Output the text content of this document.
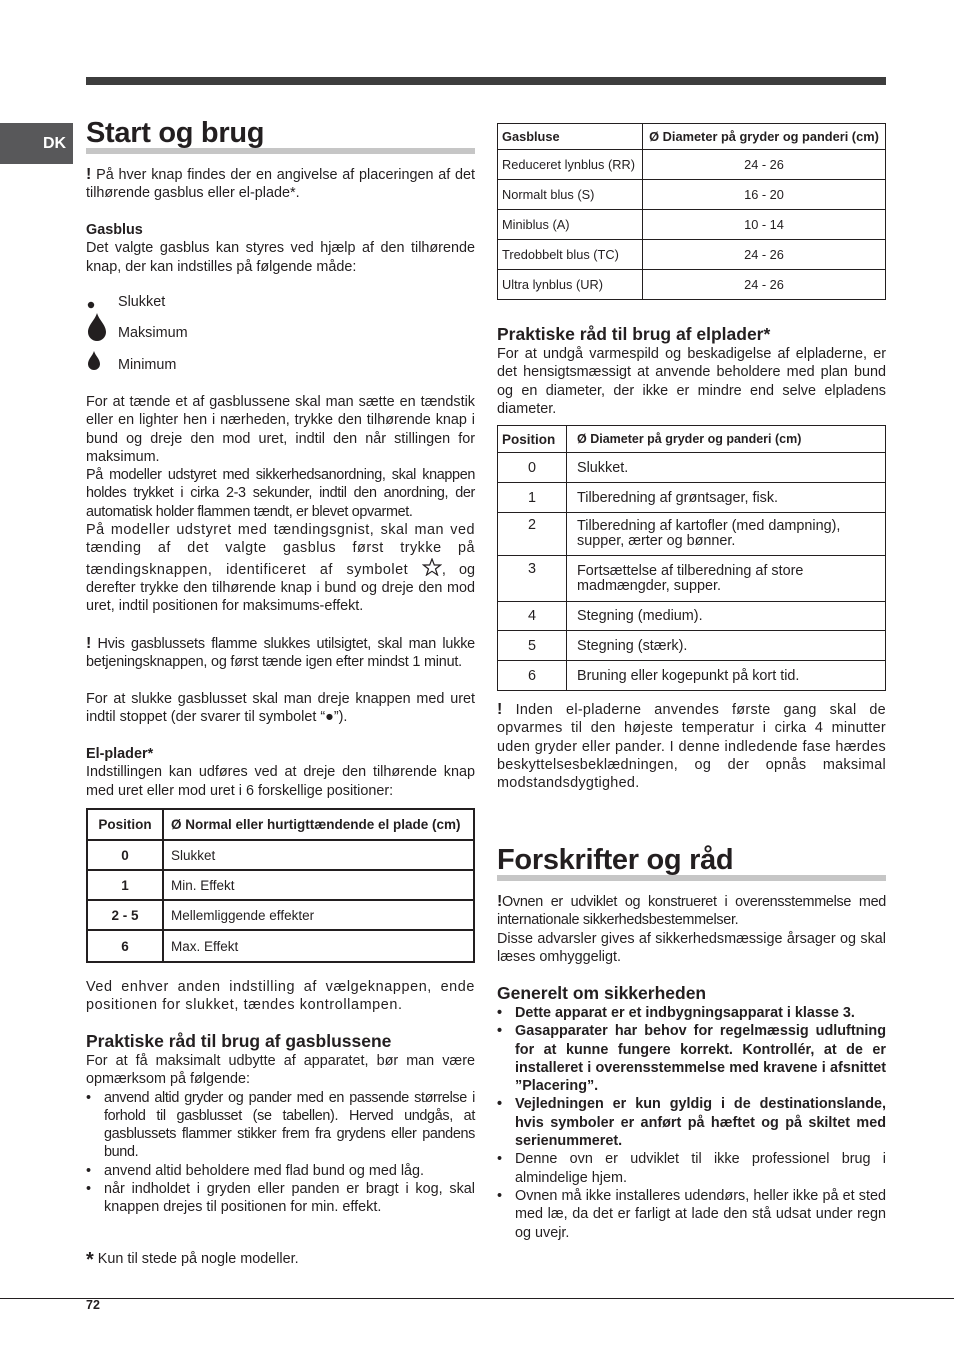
DK Start og brug
! På hver knap findes der en angivelse af placeringen af det tilhørende gasblus eller el-plade*.

Gasblus

Det valgte gasblus kan styres ved hjælp af den tilhørende knap, der kan indstilles på følgende måde:

Slukket
Maksimum
Minimum

For at tænde et af gasblussene skal man sætte en tændstik eller en lighter hen i nærheden, trykke den tilhørende knap i bund og dreje den mod uret, indtil den når stillingen for maksimum.

På modeller udstyret med sikkerhedsanordning, skal knappen holdes trykket i cirka 2-3 sekunder, indtil den anordning, der automatisk holder flammen tændt, er blevet opvarmet.

På modeller udstyret med tændingsgnist, skal man ved tænding af det valgte gasblus først trykke på tændingsknappen, identificeret af symbolet , og derefter trykke den tilhørende knap i bund og dreje den mod uret, indtil positionen for maksimums-effekt.

! Hvis gasblussets flamme slukkes utilsigtet, skal man lukke betjeningsknappen, og først tænde igen efter mindst 1 minut.
For at slukke gasblusset skal man dreje knappen med uret indtil stoppet (der svarer til symbolet “●”).

El-plader*

Indstillingen kan udføres ved at dreje den tilhørende knap med uret eller mod uret i 6 forskellige positioner:

Position	Ø Normal eller hurtigttændende el plade (cm)
0	Slukket
1	Min. Effekt
2 - 5	Mellemliggende effekter
6	Max. Effekt
Ved enhver anden indstilling af vælgeknappen, ende positionen for slukket, tændes kontrollampen.
Praktiske råd til brug af gasblussene

For at få maksimalt udbytte af apparatet, bør man være opmærksom på følgende:

• anvend altid gryder og pander med en passende størrelse i forhold til gasblusset (se tabellen). Herved undgås, at gasblussets flammer stikker frem fra grydens eller pandens bund.
• anvend altid beholdere med flad bund og med låg.
• når indholdet i gryden eller panden er bragt i kog, skal knappen drejes til positionen for min. effekt.
* Kun til stede på nogle modeller.
Gasbluse	Ø Diameter på gryder og panderi (cm)
Reduceret lynblus (RR)	24 - 26
Normalt blus (S)	16 - 20
Miniblus (A)	10 - 14
Tredobbelt blus (TC)	24 - 26
Ultra lynblus (UR)	24 - 26
Praktiske råd til brug af elplader*
For at undgå varmespild og beskadigelse af elpladerne, er det hensigtsmæssigt at anvende beholdere med plan bund og en diameter, der ikke er mindre end selve elpladens diameter.
Position	Ø Diameter på gryder og panderi (cm)
0	Slukket.
1	Tilberedning af grøntsager, fisk.
2	Tilberedning af kartofler (med dampning), supper, ærter og bønner.
3	Fortsættelse af tilberedning af store madmængder, supper.
4	Stegning (medium).
5	Stegning (stærk).
6	Bruning eller kogepunkt på kort tid.
! Inden el-pladerne anvendes første gang skal de opvarmes til den højeste temperatur i cirka 4 minutter uden gryder eller pander. I denne indledende fase hærdes beskyttelsesbeklædningen, og der opnås maksimal modstandsdygtighed.
Forskrifter og råd

!Ovnen er udviklet og konstrueret i overensstemmelse med internationale sikkerhedsbestemmelser.

Disse advarsler gives af sikkerhedsmæssige årsager og skal læses omhyggeligt.

Generelt om sikkerheden
• Dette apparat er et indbygningsapparat i klasse 3.
• Gasapparater har behov for regelmæssig udluftning for at kunne fungere korrekt. Kontrollér, at de er installeret i overensstemmelse med kravene i afsnittet ”Placering”.
• Vejledningen er kun gyldig i de destinationslande, hvis symboler er anført på hæftet og på skiltet med serienummeret.
• Denne ovn er udviklet til ikke professionel brug i almindelige hjem.
• Ovnen må ikke installeres udendørs, heller ikke på et sted med læ, da det er farligt at lade den stå udsat under regn og uvejr.
72
